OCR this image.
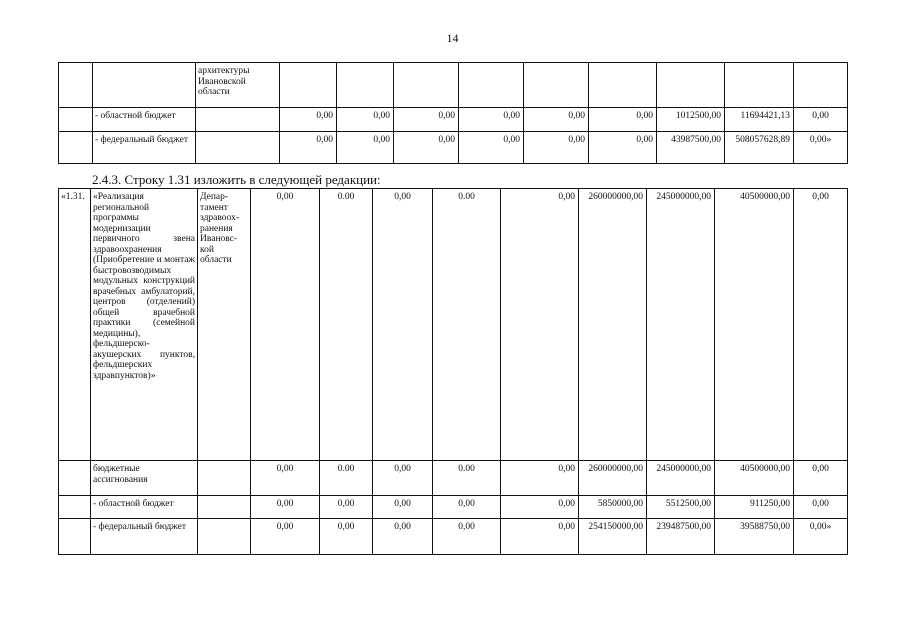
14
		архитектуры Ивановской области									
	- областной бюджет		0,00	0,00	0,00	0,00	0,00	0,00	1012500,00	11694421,13	0,00
	- федеральный бюджет		0,00	0,00	0,00	0,00	0,00	0,00	43987500,00	508057628,89	0,00»
2.4.3. Строку 1.31 изложить в следующей редакции:
«1.31.	«Реализация региональной программы модернизации первичного звена здравоохранения (Приобретение и монтаж быстровозводимых модульных конструкций врачебных амбулаторий, центров (отделений) общей врачебной практики (семейной медицины), фельдшерско-акушерских пунктов, фельдшерских здравпунктов)»	Депар-тамент здравоох-ранения Ивановс-кой области	0,00	0.00	0,00	0.00	0,00	260000000,00	245000000,00	40500000,00	0,00
	бюджетные ассигнования		0,00	0.00	0,00	0.00	0,00	260000000,00	245000000,00	40500000,00	0,00
	- областной бюджет		0,00	0,00	0,00	0,00	0,00	5850000,00	5512500,00	911250,00	0,00
	- федеральный бюджет		0,00	0,00	0,00	0,00	0,00	254150000,00	239487500,00	39588750,00	0,00»
